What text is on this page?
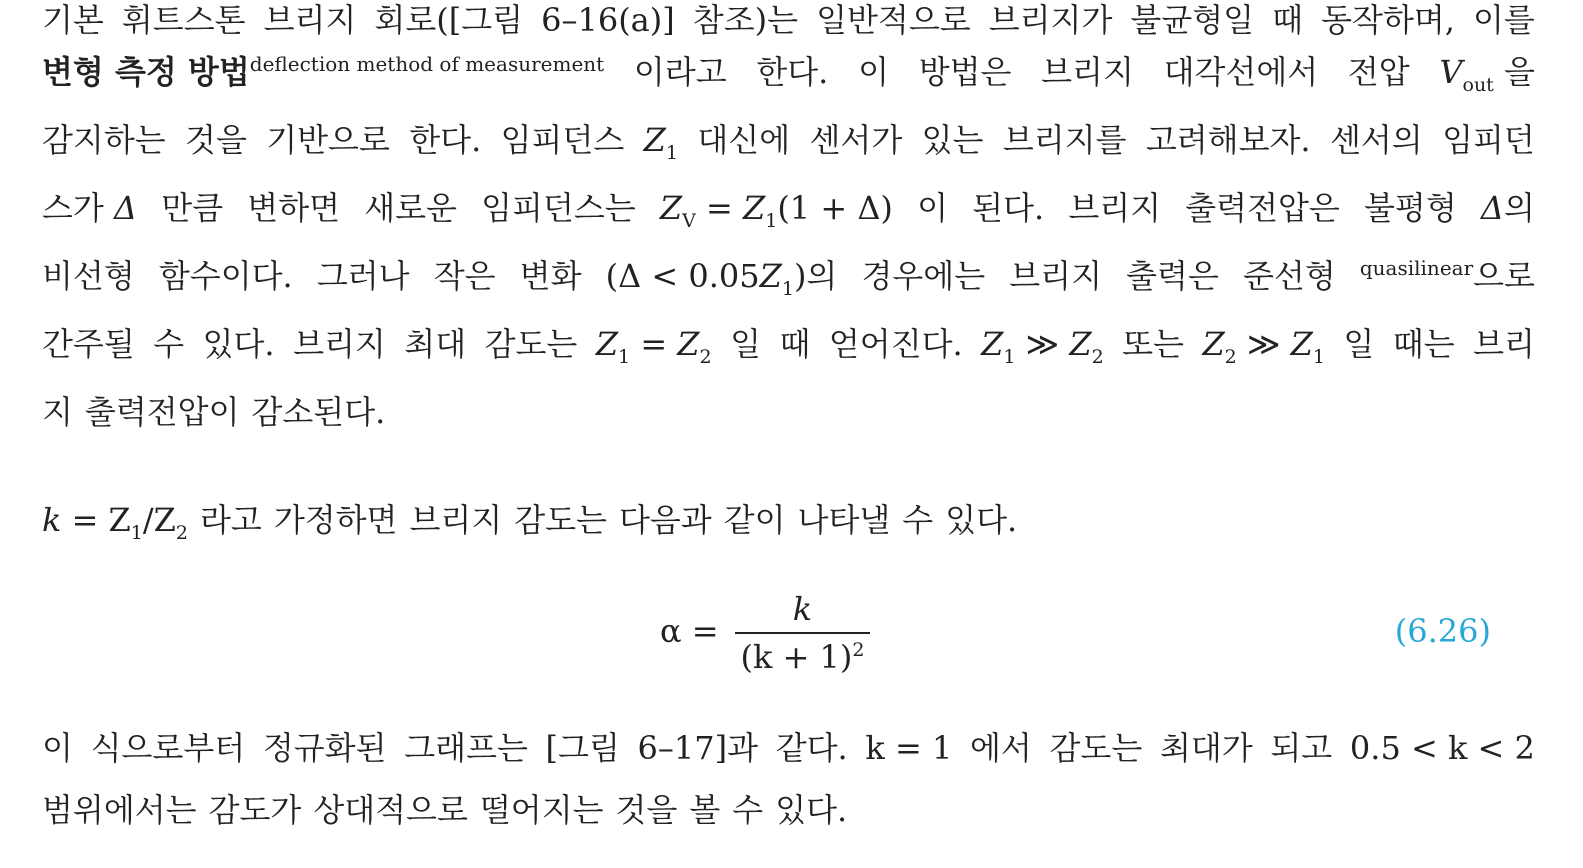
기본 휘트스톤 브리지 회로([그림 6–16(a)] 참조)는 일반적으로 브리지가 불균형일 때 동작하며, 이를
변형 측정 방법$^{deflection method of measurement}$ 이라고 한다. 이 방법은 브리지 대각선에서 전압 $V_{out}$ 을
감지하는 것을 기반으로 한다. 임피던스 $Z_1$ 대신에 센서가 있는 브리지를 고려해보자. 센서의 임피던
스가 Δ 만큼 변하면 새로운 임피던스는 $Z_V = Z_1(1 + \Delta)$ 이 된다. 브리지 출력전압은 불평형 Δ의
비선형 함수이다. 그러나 작은 변화 $(\Delta < 0.05Z_1)$의 경우에는 브리지 출력은 준선형 $^{quasilinear}$으로
간주될 수 있다. 브리지 최대 감도는 $Z_1 = Z_2$ 일 때 얻어진다. $Z_1$ ≫ $Z_2$ 또는 $Z_2$ ≫ $Z_1$ 일 때는 브리
지 출력전압이 감소된다.
$k = Z_1/Z_2$ 라고 가정하면 브리지 감도는 다음과 같이 나타낼 수 있다.
α =
k
$(k + 1)^2$	(6.26)
이 식으로부터 정규화된 그래프는 [그림 6–17]과 같다. k = 1 에서 감도는 최대가 되고 0.5 < k < 2
범위에서는 감도가 상대적으로 떨어지는 것을 볼 수 있다.
